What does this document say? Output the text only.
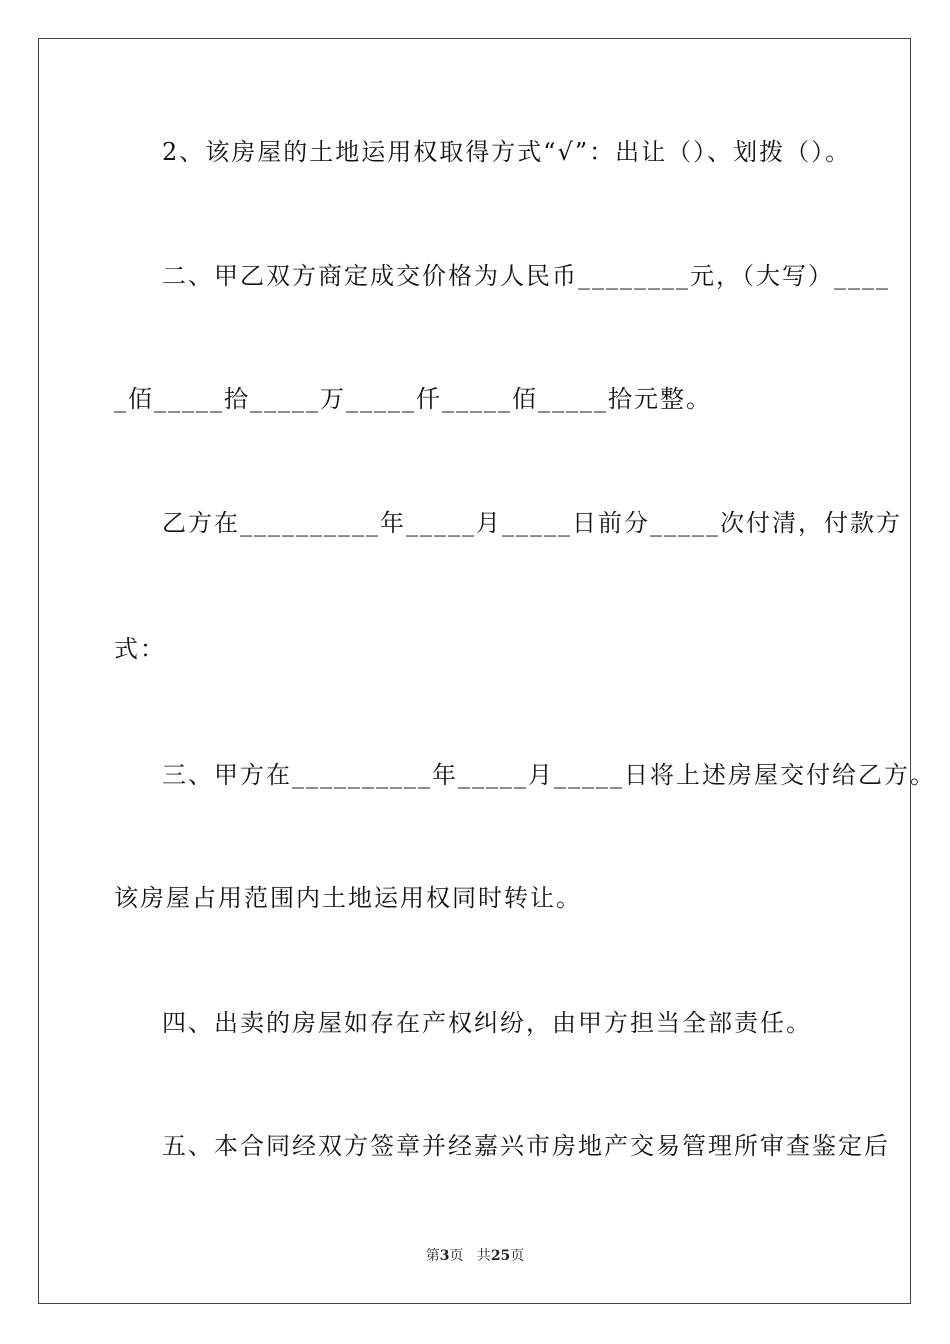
2、该房屋的土地运用权取得方式“√”：出让（）、划拨（）。
二、甲乙双方商定成交价格为人民币________元，（大写）____
_佰_____拾_____万_____仟_____佰_____拾元整。
乙方在__________年_____月_____日前分_____次付清，付款方
式：
三、甲方在__________年_____月_____日将上述房屋交付给乙方。
该房屋占用范围内土地运用权同时转让。
四、出卖的房屋如存在产权纠纷，由甲方担当全部责任。
五、本合同经双方签章并经嘉兴市房地产交易管理所审查鉴定后
第3页 共25页
